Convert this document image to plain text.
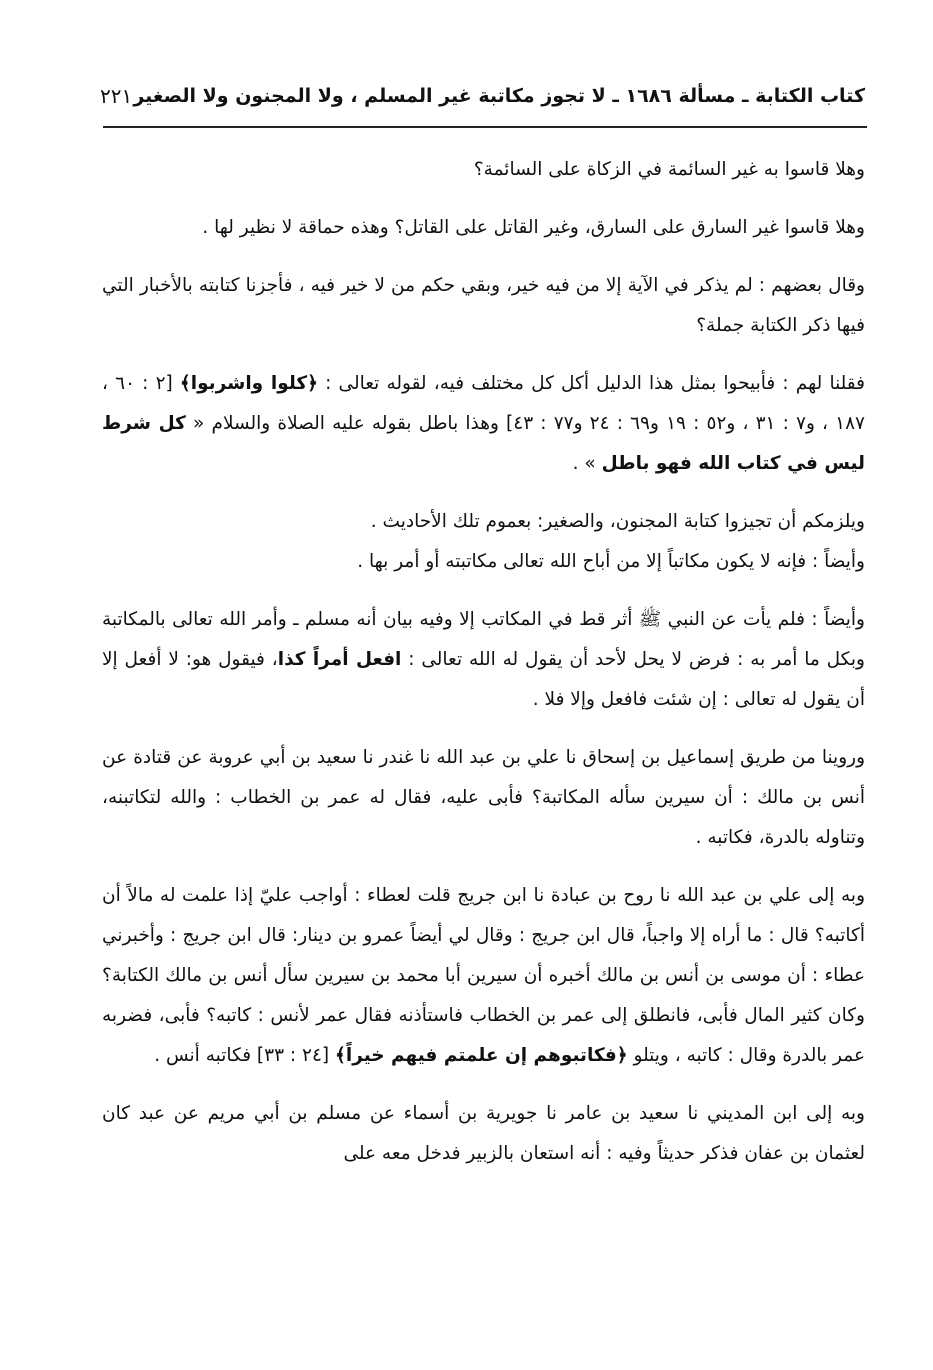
كتاب الكتابة ـ مسألة ١٦٨٦ ـ لا تجوز مكاتبة غير المسلم ، ولا المجنون ولا الصغير
٢٢١

وهلا قاسوا به غير السائمة في الزكاة على السائمة؟

وهلا قاسوا غير السارق على السارق، وغير القاتل على القاتل؟ وهذه حماقة لا نظير لها .

وقال بعضهم : لم يذكر في الآية إلا من فيه خير، وبقي حكم من لا خير فيه ، فأجزنا كتابته بالأخبار التي فيها ذكر الكتابة جملة؟

فقلنا لهم : فأبيحوا بمثل هذا الدليل أكل كل مختلف فيه، لقوله تعالى : ﴿كلوا واشربوا﴾ [٢ : ٦٠ ، ١٨٧ ، و٧ : ٣١ ، و٥٢ : ١٩ و٦٩ : ٢٤ و٧٧ : ٤٣] وهذا باطل بقوله عليه الصلاة والسلام « كل شرط ليس في كتاب الله فهو باطل » .

ويلزمكم أن تجيزوا كتابة المجنون، والصغير: بعموم تلك الأحاديث .

وأيضاً : فإنه لا يكون مكاتباً إلا من أباح الله تعالى مكاتبته أو أمر بها .

وأيضاً : فلم يأت عن النبي ﷺ أثر قط في المكاتب إلا وفيه بيان أنه مسلم ـ وأمر الله تعالى بالمكاتبة وبكل ما أمر به : فرض لا يحل لأحد أن يقول له الله تعالى : افعل أمراً كذا، فيقول هو: لا أفعل إلا أن يقول له تعالى : إن شئت فافعل وإلا فلا .

وروينا من طريق إسماعيل بن إسحاق نا علي بن عبد الله نا غندر نا سعيد بن أبي عروبة عن قتادة عن أنس بن مالك : أن سيرين سأله المكاتبة؟ فأبى عليه، فقال له عمر بن الخطاب : والله لتكاتبنه، وتناوله بالدرة، فكاتبه .

وبه إلى علي بن عبد الله نا روح بن عبادة نا ابن جريج قلت لعطاء : أواجب عليّ إذا علمت له مالاً أن أكاتبه؟ قال : ما أراه إلا واجباً، قال ابن جريج : وقال لي أيضاً عمرو بن دينار: قال ابن جريج : وأخبرني عطاء : أن موسى بن أنس بن مالك أخبره أن سيرين أبا محمد بن سيرين سأل أنس بن مالك الكتابة؟ وكان كثير المال فأبى، فانطلق إلى عمر بن الخطاب فاستأذنه فقال عمر لأنس : كاتبه؟ فأبى، فضربه عمر بالدرة وقال : كاتبه ، ويتلو ﴿فكاتبوهم إن علمتم فيهم خيراً﴾ [٢٤ : ٣٣] فكاتبه أنس .

وبه إلى ابن المديني نا سعيد بن عامر نا جويرية بن أسماء عن مسلم بن أبي مريم عن عبد كان لعثمان بن عفان فذكر حديثاً وفيه : أنه استعان بالزبير فدخل معه على
